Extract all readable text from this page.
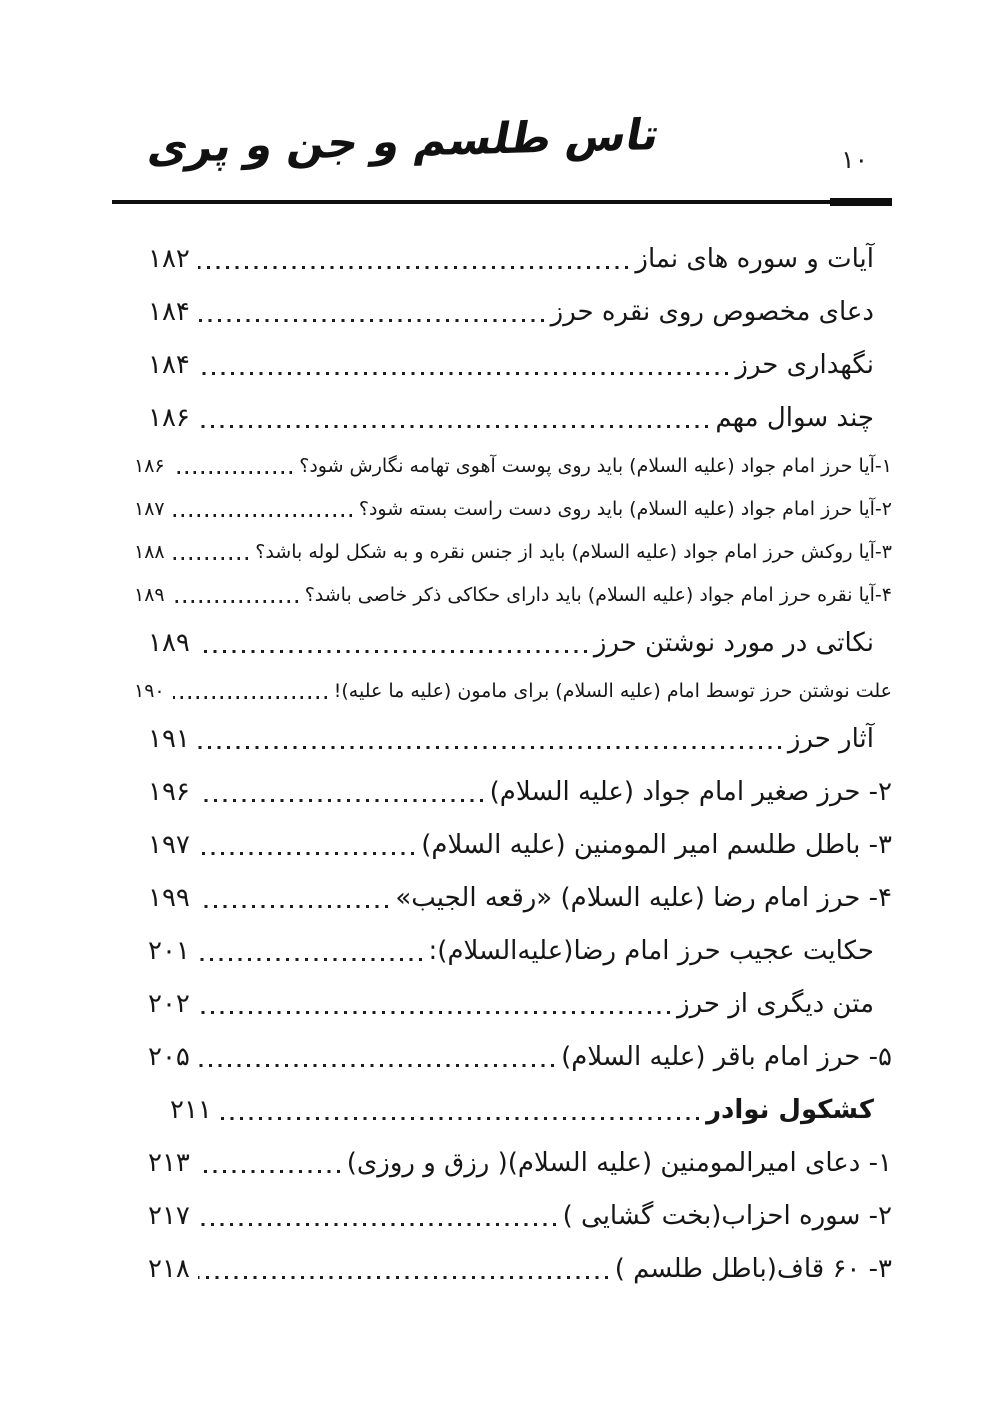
۱۰
تاس طلسم و جن و پری
آیات و سوره های نماز
۱۸۲
دعای مخصوص روی نقره حرز
۱۸۴
نگهداری حرز
۱۸۴
چند سوال مهم
۱۸۶
۱-آیا حرز امام جواد (علیه السلام) باید روی پوست آهوی تهامه نگارش شود؟
۱۸۶
۲-آیا حرز امام جواد (علیه السلام) باید روی دست راست بسته شود؟
۱۸۷
۳-آیا روکش حرز امام جواد (علیه السلام) باید از جنس نقره و به شکل لوله باشد؟
۱۸۸
۴-آیا نقره حرز امام جواد (علیه السلام) باید دارای حکاکی ذکر خاصی باشد؟
۱۸۹
نکاتی در مورد نوشتن حرز
۱۸۹
علت نوشتن حرز توسط امام (علیه السلام) برای مامون (علیه ما علیه)!
۱۹۰
آثار حرز
۱۹۱
۲- حرز صغیر امام جواد (علیه السلام)
۱۹۶
۳- باطل طلسم امیر المومنین (علیه السلام)
۱۹۷
۴- حرز امام رضا (علیه السلام) «رقعه الجیب»
۱۹۹
حکایت عجیب حرز امام رضا(علیه‌السلام):
۲۰۱
متن دیگری از حرز
۲۰۲
۵- حرز امام باقر (علیه السلام)
۲۰۵
کشکول نوادر
۲۱۱
۱- دعای امیرالمومنین (علیه السلام)( رزق و روزی)
۲۱۳
۲- سوره احزاب(بخت گشایی )
۲۱۷
۳- ۶۰ قاف(باطل طلسم )
۲۱۸
